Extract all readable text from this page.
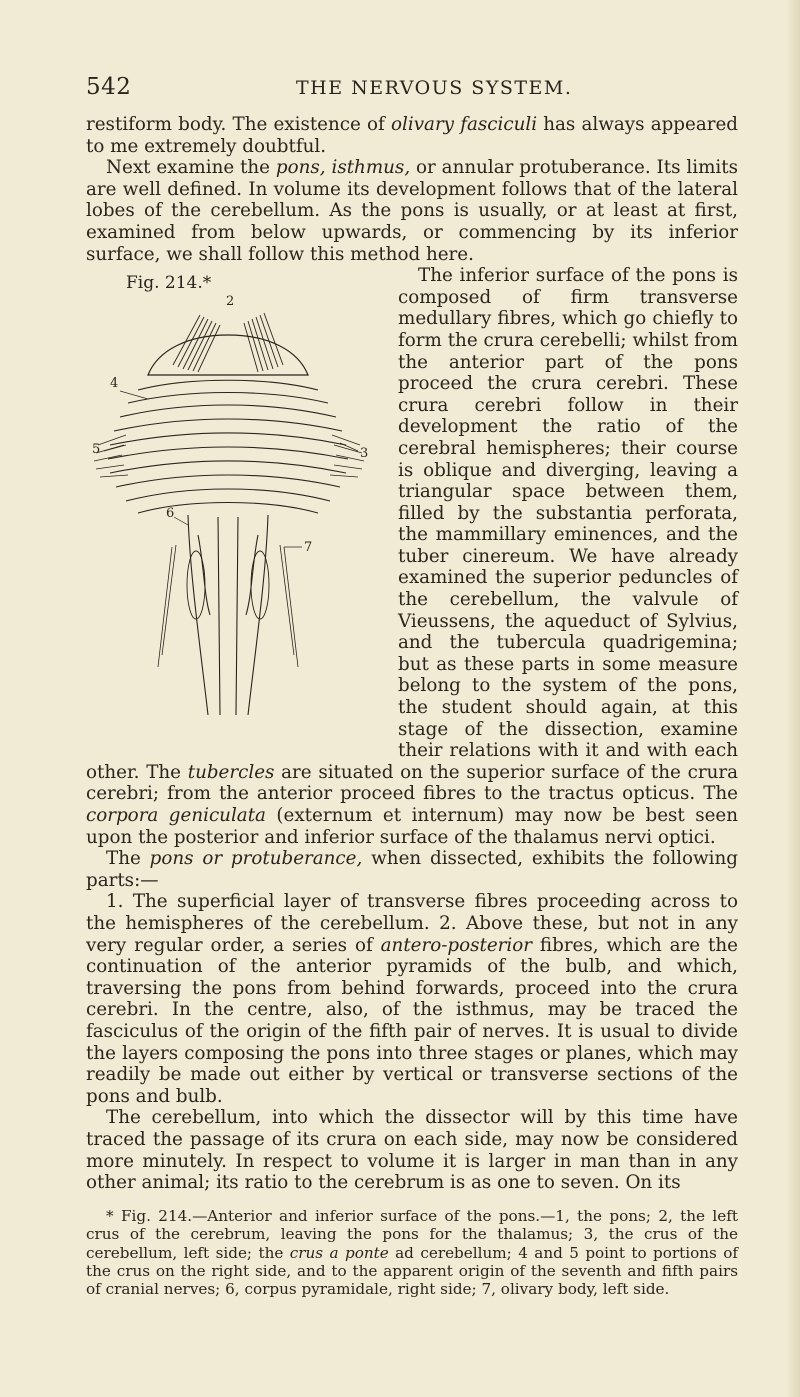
542	THE NERVOUS SYSTEM.

restiform body. The existence of olivary fasciculi has always appeared to me extremely doubtful.

Next examine the pons, isthmus, or annular protuberance. Its limits are well defined. In volume its development follows that of the lateral lobes of the cerebellum. As the pons is usually, or at least at first, examined from below upwards, or commencing by its inferior surface, we shall follow this method here.

Fig. 214.*
2
4
3
5
6
7
The inferior surface of the pons is composed of firm transverse medullary fibres, which go chiefly to form the crura cerebelli; whilst from the anterior part of the pons proceed the crura cerebri. These crura cerebri follow in their development the ratio of the cerebral hemispheres; their course is oblique and diverging, leaving a triangular space between them, filled by the substantia perforata, the mammillary eminences, and the tuber cinereum. We have already examined the superior peduncles of the cerebellum, the valvule of Vieussens, the aqueduct of Sylvius, and the tubercula quadrigemina; but as these parts in some measure belong to the system of the pons, the student should again, at this stage of the dissection, examine their relations with it and with each other. The tubercles are situated on the superior surface of the crura cerebri; from the anterior proceed fibres to the tractus opticus. The corpora geniculata (externum et internum) may now be best seen upon the posterior and inferior surface of the thalamus nervi optici.

The pons or protuberance, when dissected, exhibits the following parts:—

1. The superficial layer of transverse fibres proceeding across to the hemispheres of the cerebellum. 2. Above these, but not in any very regular order, a series of antero-posterior fibres, which are the continuation of the anterior pyramids of the bulb, and which, traversing the pons from behind forwards, proceed into the crura cerebri. In the centre, also, of the isthmus, may be traced the fasciculus of the origin of the fifth pair of nerves. It is usual to divide the layers composing the pons into three stages or planes, which may readily be made out either by vertical or transverse sections of the pons and bulb.

The cerebellum, into which the dissector will by this time have traced the passage of its crura on each side, may now be considered more minutely. In respect to volume it is larger in man than in any other animal; its ratio to the cerebrum is as one to seven. On its

* Fig. 214.—Anterior and inferior surface of the pons.—1, the pons; 2, the left crus of the cerebrum, leaving the pons for the thalamus; 3, the crus of the cerebellum, left side; the crus a ponte ad cerebellum; 4 and 5 point to portions of the crus on the right side, and to the apparent origin of the seventh and fifth pairs of cranial nerves; 6, corpus pyramidale, right side; 7, olivary body, left side.
